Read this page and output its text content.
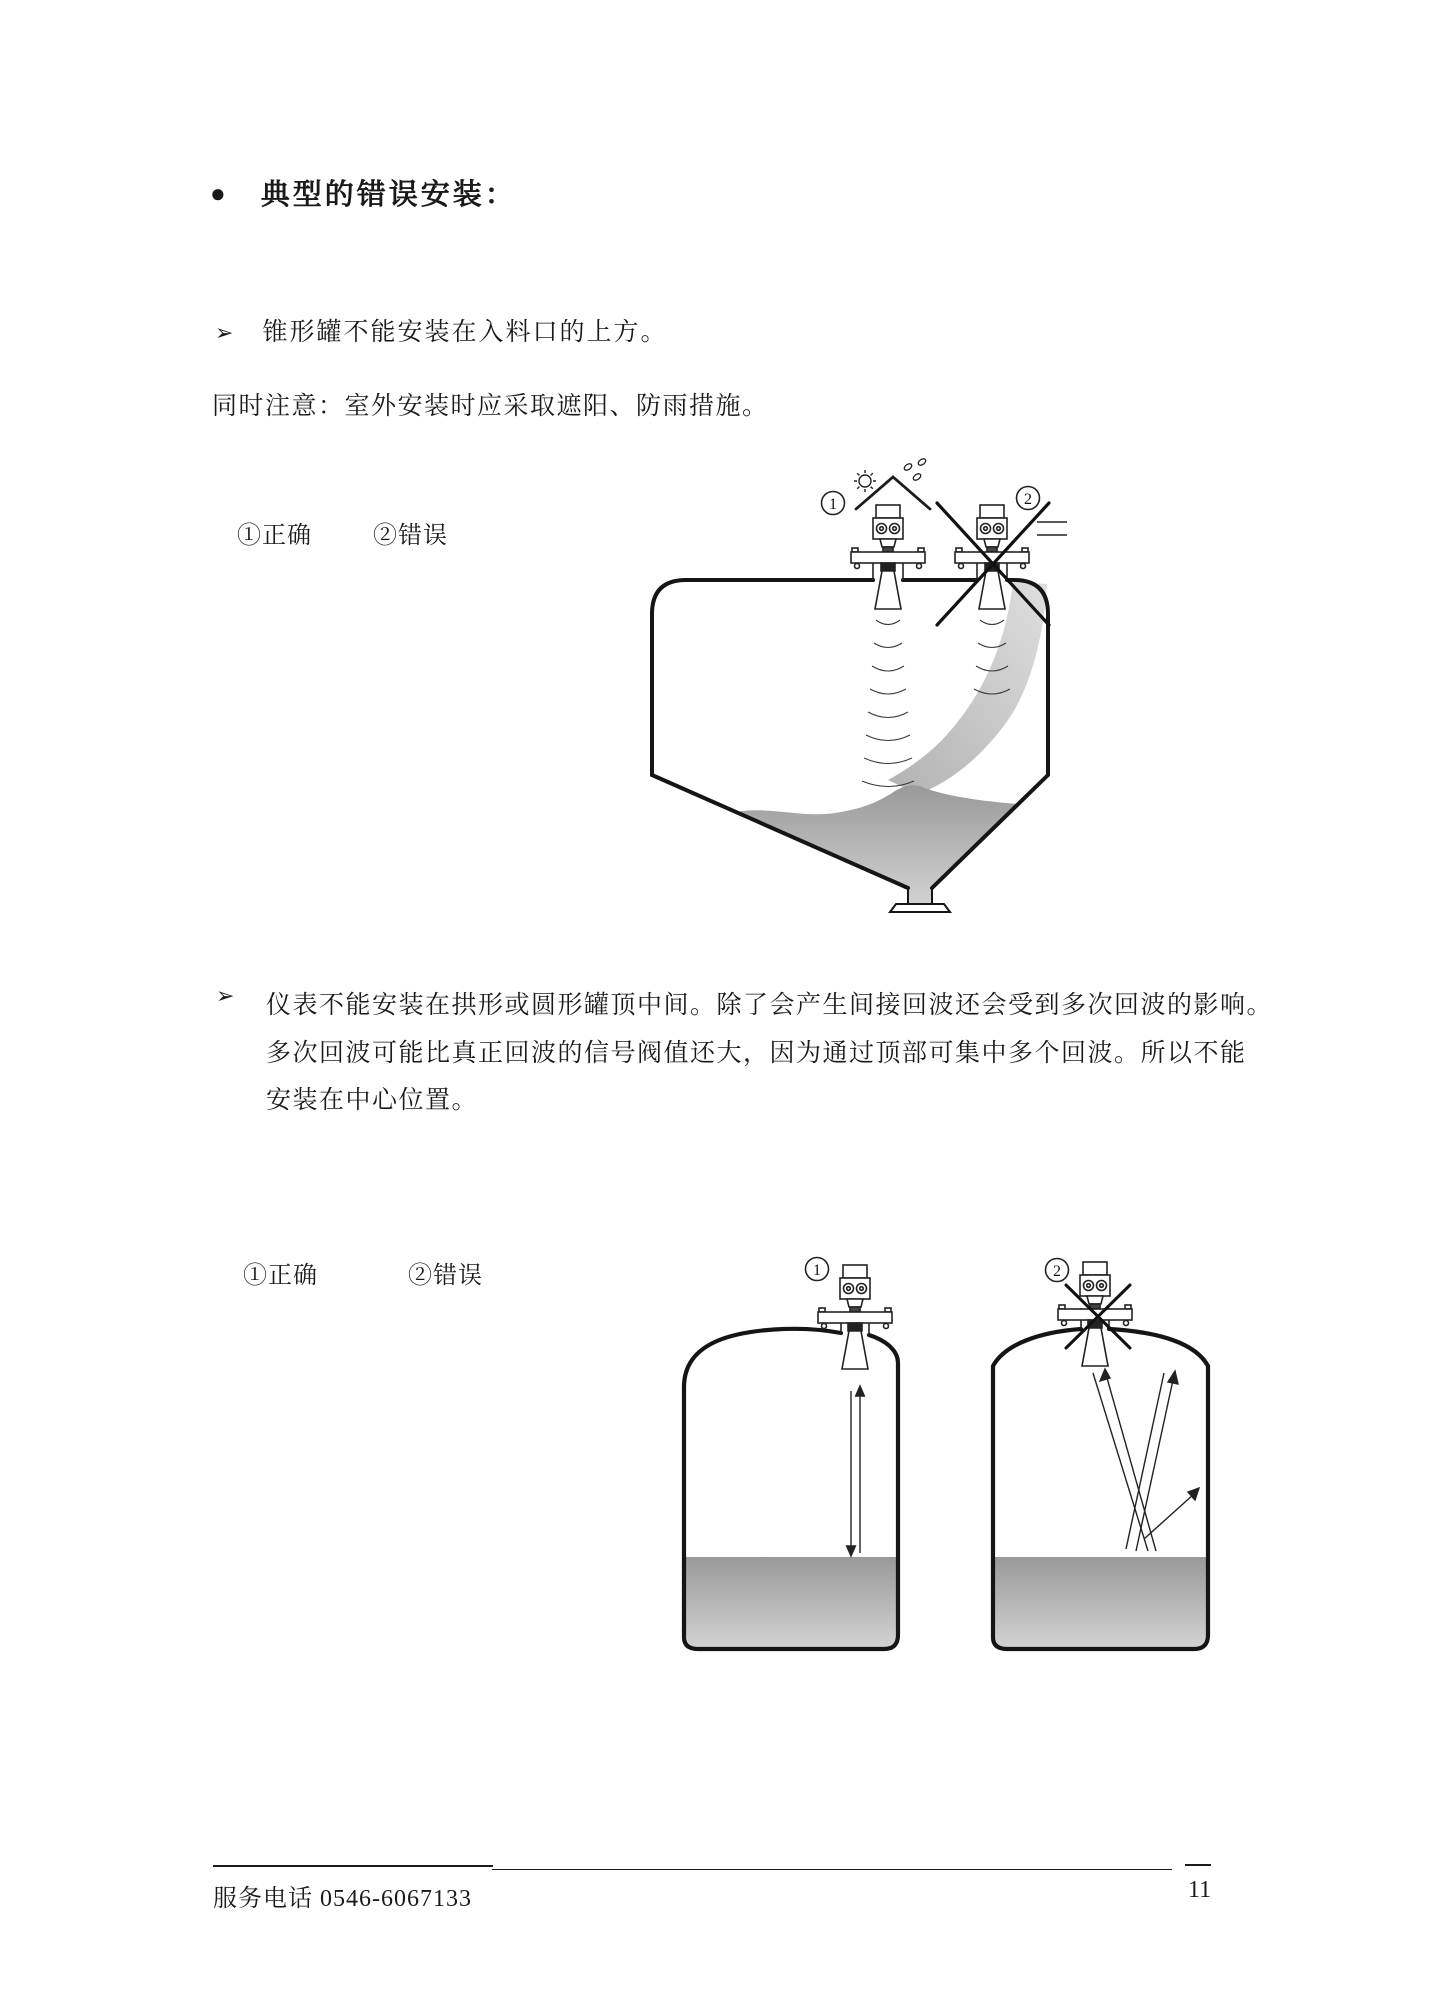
● 典型的错误安装：
➢ 锥形罐不能安装在入料口的上方。
同时注意：室外安装时应采取遮阳、防雨措施。
①正确	②错误
1	2
➢ 仪表不能安装在拱形或圆形罐顶中间。除了会产生间接回波还会受到多次回波的影响。
多次回波可能比真正回波的信号阀值还大，因为通过顶部可集中多个回波。所以不能
安装在中心位置。
①正确	②错误	1	2
服务电话 0546-6067133	11
